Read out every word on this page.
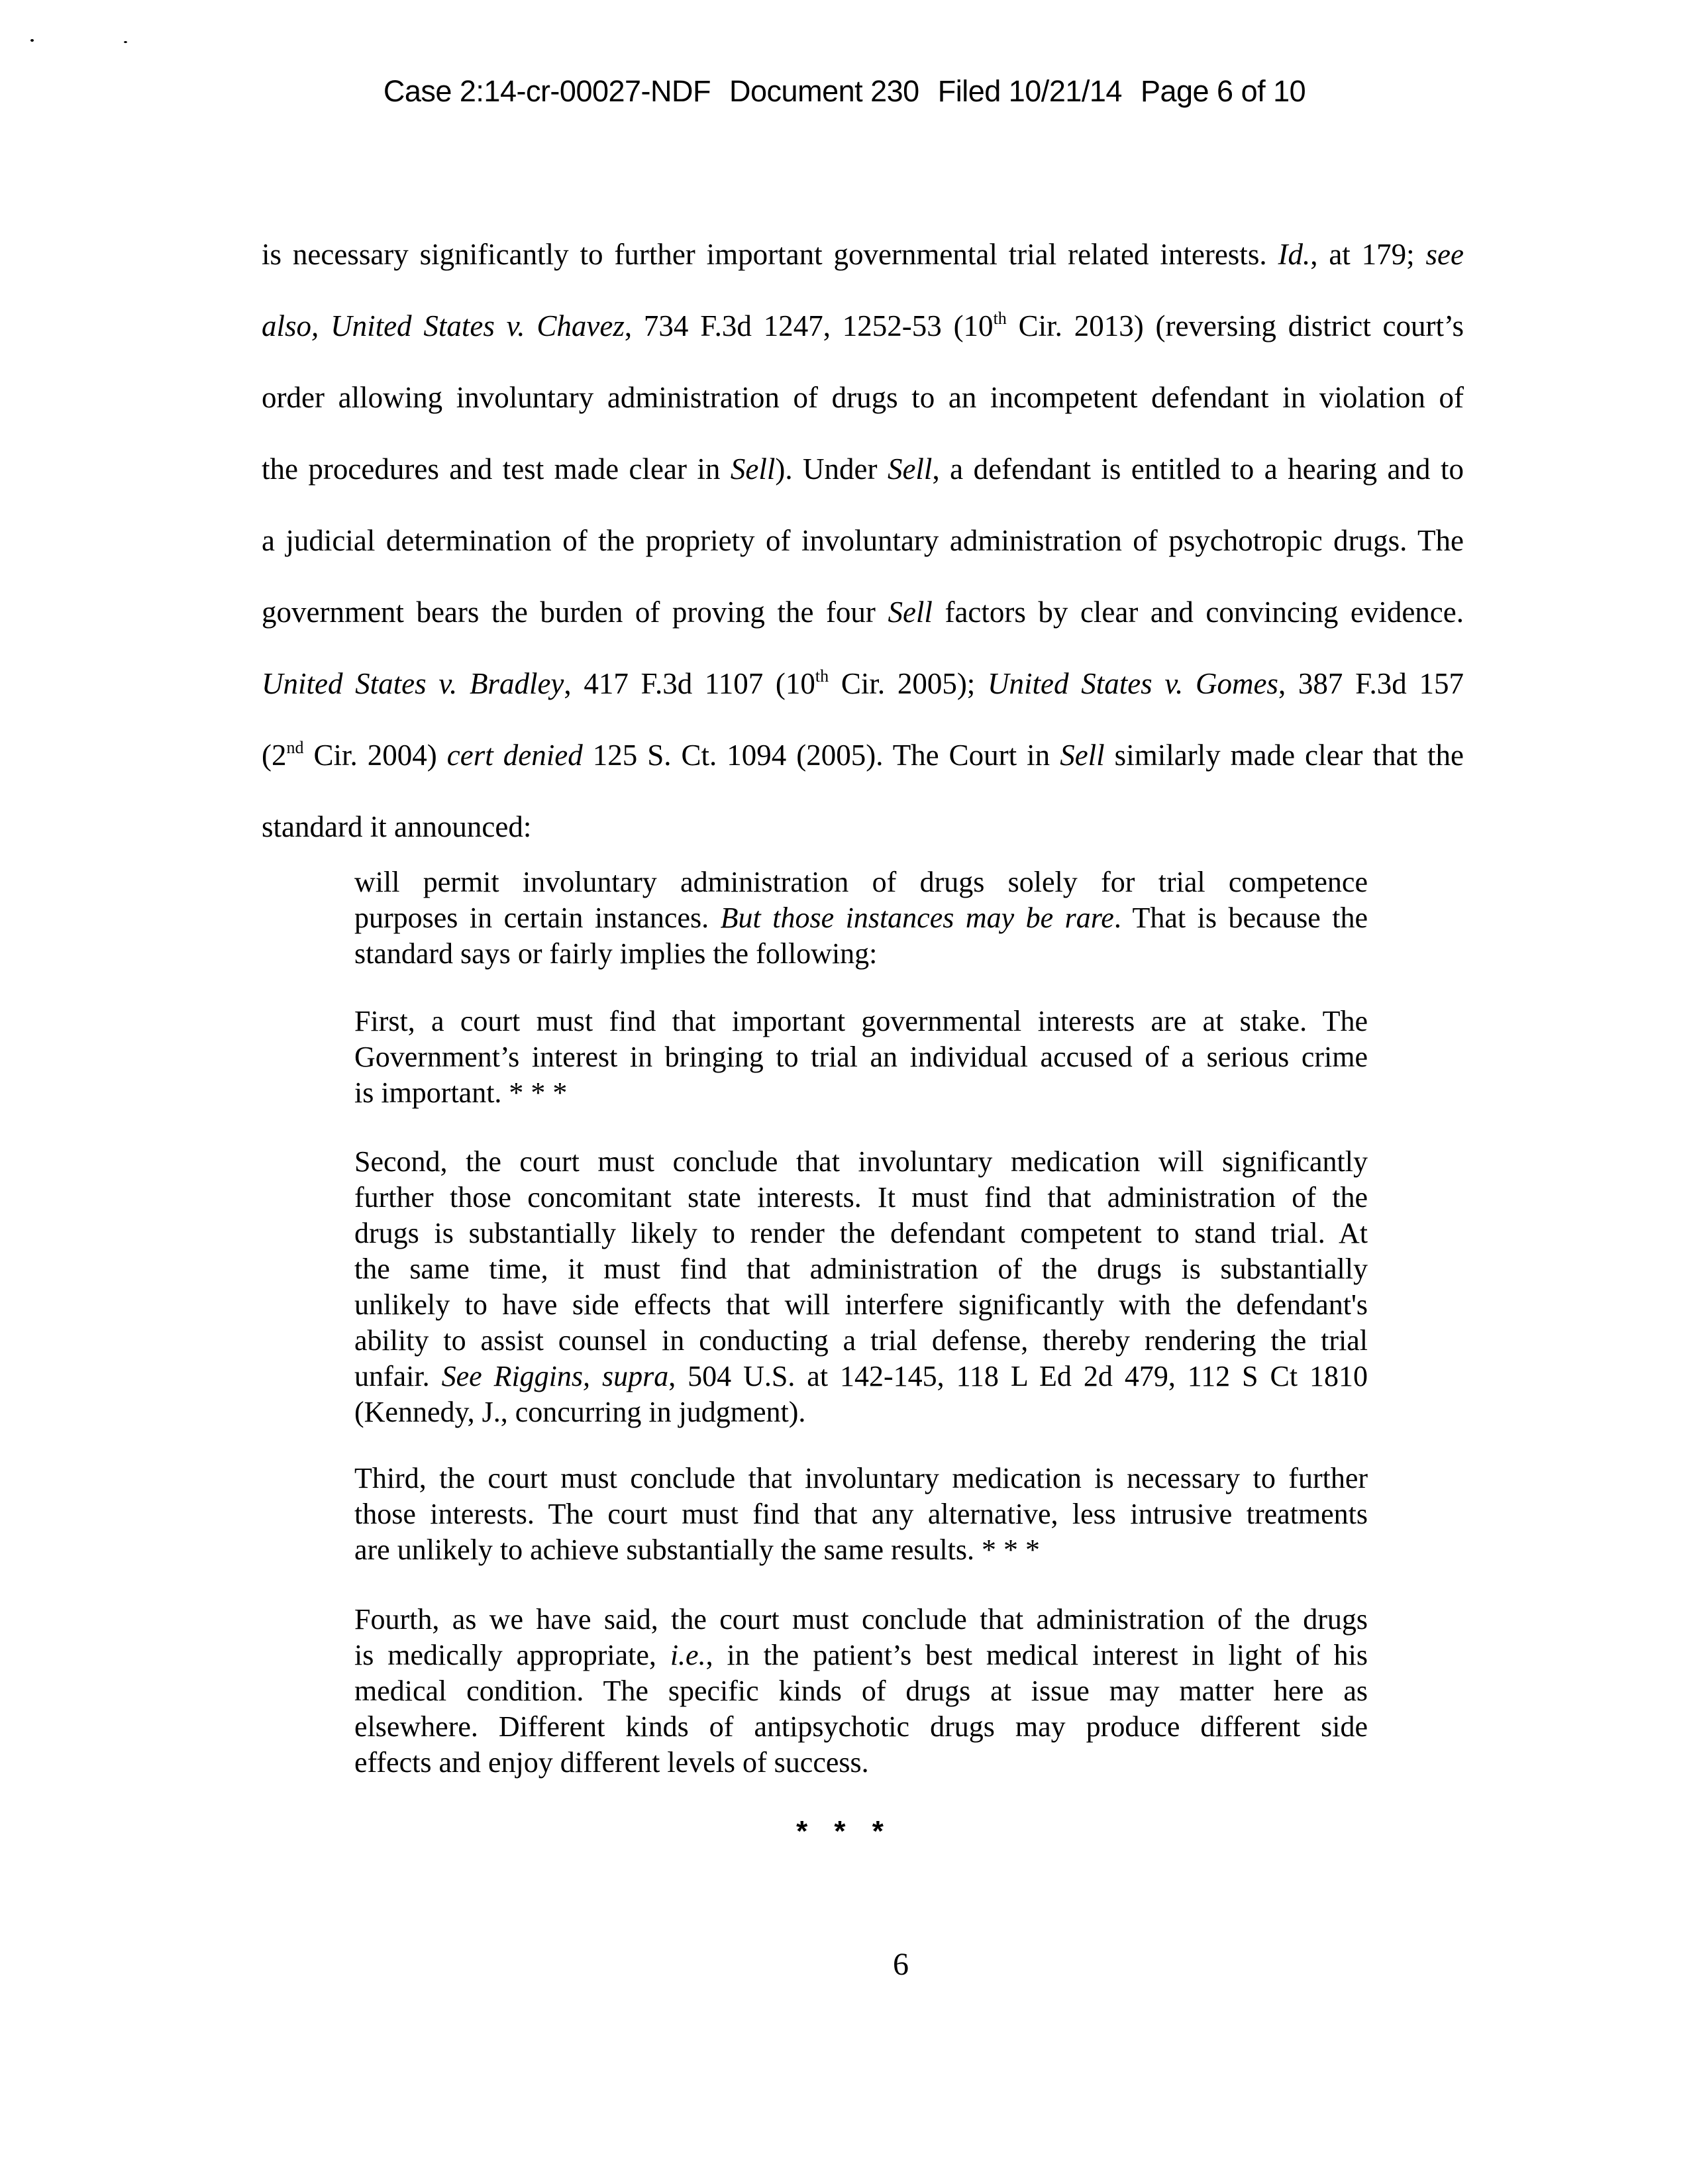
Case 2:14-cr-00027-NDF Document 230 Filed 10/21/14 Page 6 of 10
is necessary significantly to further important governmental trial related interests. Id., at 179; see
also, United States v. Chavez, 734 F.3d 1247, 1252-53 (10th Cir. 2013) (reversing district court’s
order allowing involuntary administration of drugs to an incompetent defendant in violation of
the procedures and test made clear in Sell). Under Sell, a defendant is entitled to a hearing and to
a judicial determination of the propriety of involuntary administration of psychotropic drugs. The
government bears the burden of proving the four Sell factors by clear and convincing evidence.
United States v. Bradley, 417 F.3d 1107 (10th Cir. 2005); United States v. Gomes, 387 F.3d 157
(2nd Cir. 2004) cert denied 125 S. Ct. 1094 (2005). The Court in Sell similarly made clear that the
standard it announced:
will permit involuntary administration of drugs solely for trial competence
purposes in certain instances. But those instances may be rare. That is because the
standard says or fairly implies the following:
First, a court must find that important governmental interests are at stake. The
Government’s interest in bringing to trial an individual accused of a serious crime
is important. * * *
Second, the court must conclude that involuntary medication will significantly
further those concomitant state interests. It must find that administration of the
drugs is substantially likely to render the defendant competent to stand trial. At
the same time, it must find that administration of the drugs is substantially
unlikely to have side effects that will interfere significantly with the defendant's
ability to assist counsel in conducting a trial defense, thereby rendering the trial
unfair. See Riggins, supra, 504 U.S. at 142-145, 118 L Ed 2d 479, 112 S Ct 1810
(Kennedy, J., concurring in judgment).
Third, the court must conclude that involuntary medication is necessary to further
those interests. The court must find that any alternative, less intrusive treatments
are unlikely to achieve substantially the same results. * * *
Fourth, as we have said, the court must conclude that administration of the drugs
is medically appropriate, i.e., in the patient’s best medical interest in light of his
medical condition. The specific kinds of drugs at issue may matter here as
elsewhere. Different kinds of antipsychotic drugs may produce different side
effects and enjoy different levels of success.
* * *
6
